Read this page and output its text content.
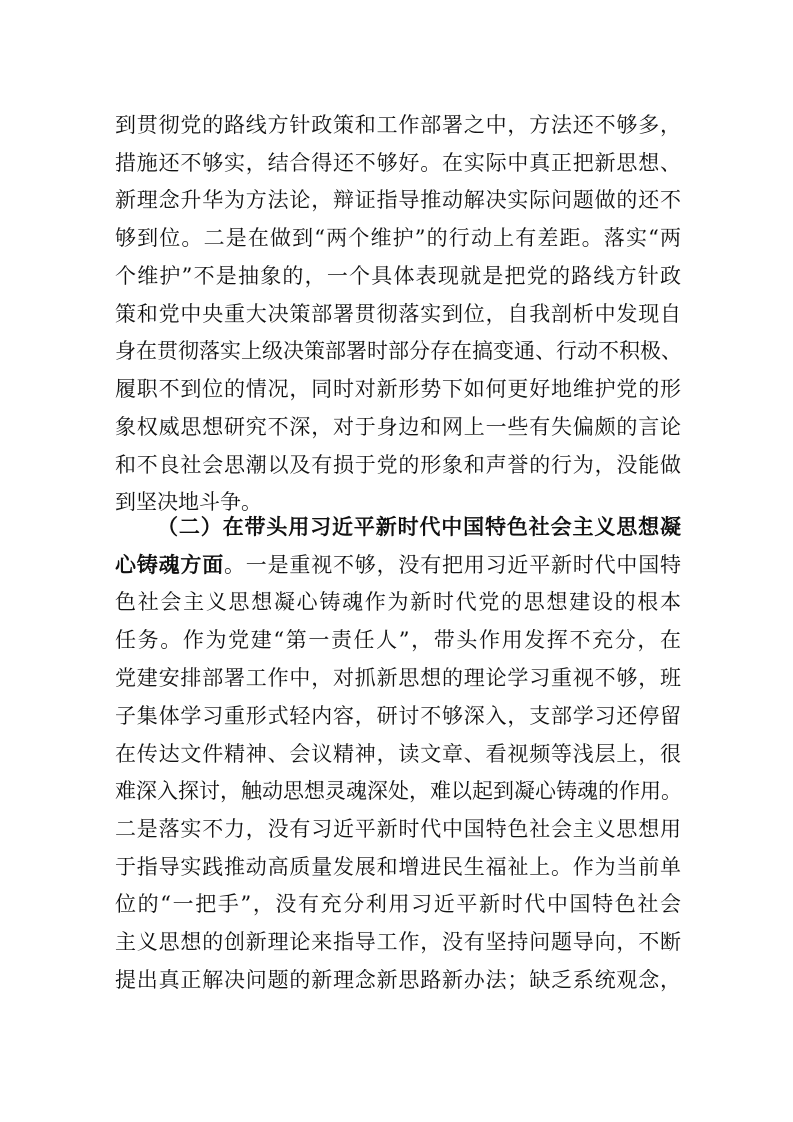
到贯彻党的路线方针政策和工作部署之中，方法还不够多，
措施还不够实，结合得还不够好。在实际中真正把新思想、
新理念升华为方法论，辩证指导推动解决实际问题做的还不
够到位。二是在做到“两个维护”的行动上有差距。落实“两
个维护”不是抽象的，一个具体表现就是把党的路线方针政
策和党中央重大决策部署贯彻落实到位，自我剖析中发现自
身在贯彻落实上级决策部署时部分存在搞变通、行动不积极、
履职不到位的情况，同时对新形势下如何更好地维护党的形
象权威思想研究不深，对于身边和网上一些有失偏颇的言论
和不良社会思潮以及有损于党的形象和声誉的行为，没能做
到坚决地斗争。
（二）在带头用习近平新时代中国特色社会主义思想凝
心铸魂方面。一是重视不够，没有把用习近平新时代中国特
色社会主义思想凝心铸魂作为新时代党的思想建设的根本
任务。作为党建“第一责任人”，带头作用发挥不充分，在
党建安排部署工作中，对抓新思想的理论学习重视不够，班
子集体学习重形式轻内容，研讨不够深入，支部学习还停留
在传达文件精神、会议精神，读文章、看视频等浅层上，很
难深入探讨，触动思想灵魂深处，难以起到凝心铸魂的作用。
二是落实不力，没有习近平新时代中国特色社会主义思想用
于指导实践推动高质量发展和增进民生福祉上。作为当前单
位的“一把手”，没有充分利用习近平新时代中国特色社会
主义思想的创新理论来指导工作，没有坚持问题导向，不断
提出真正解决问题的新理念新思路新办法；缺乏系统观念，
